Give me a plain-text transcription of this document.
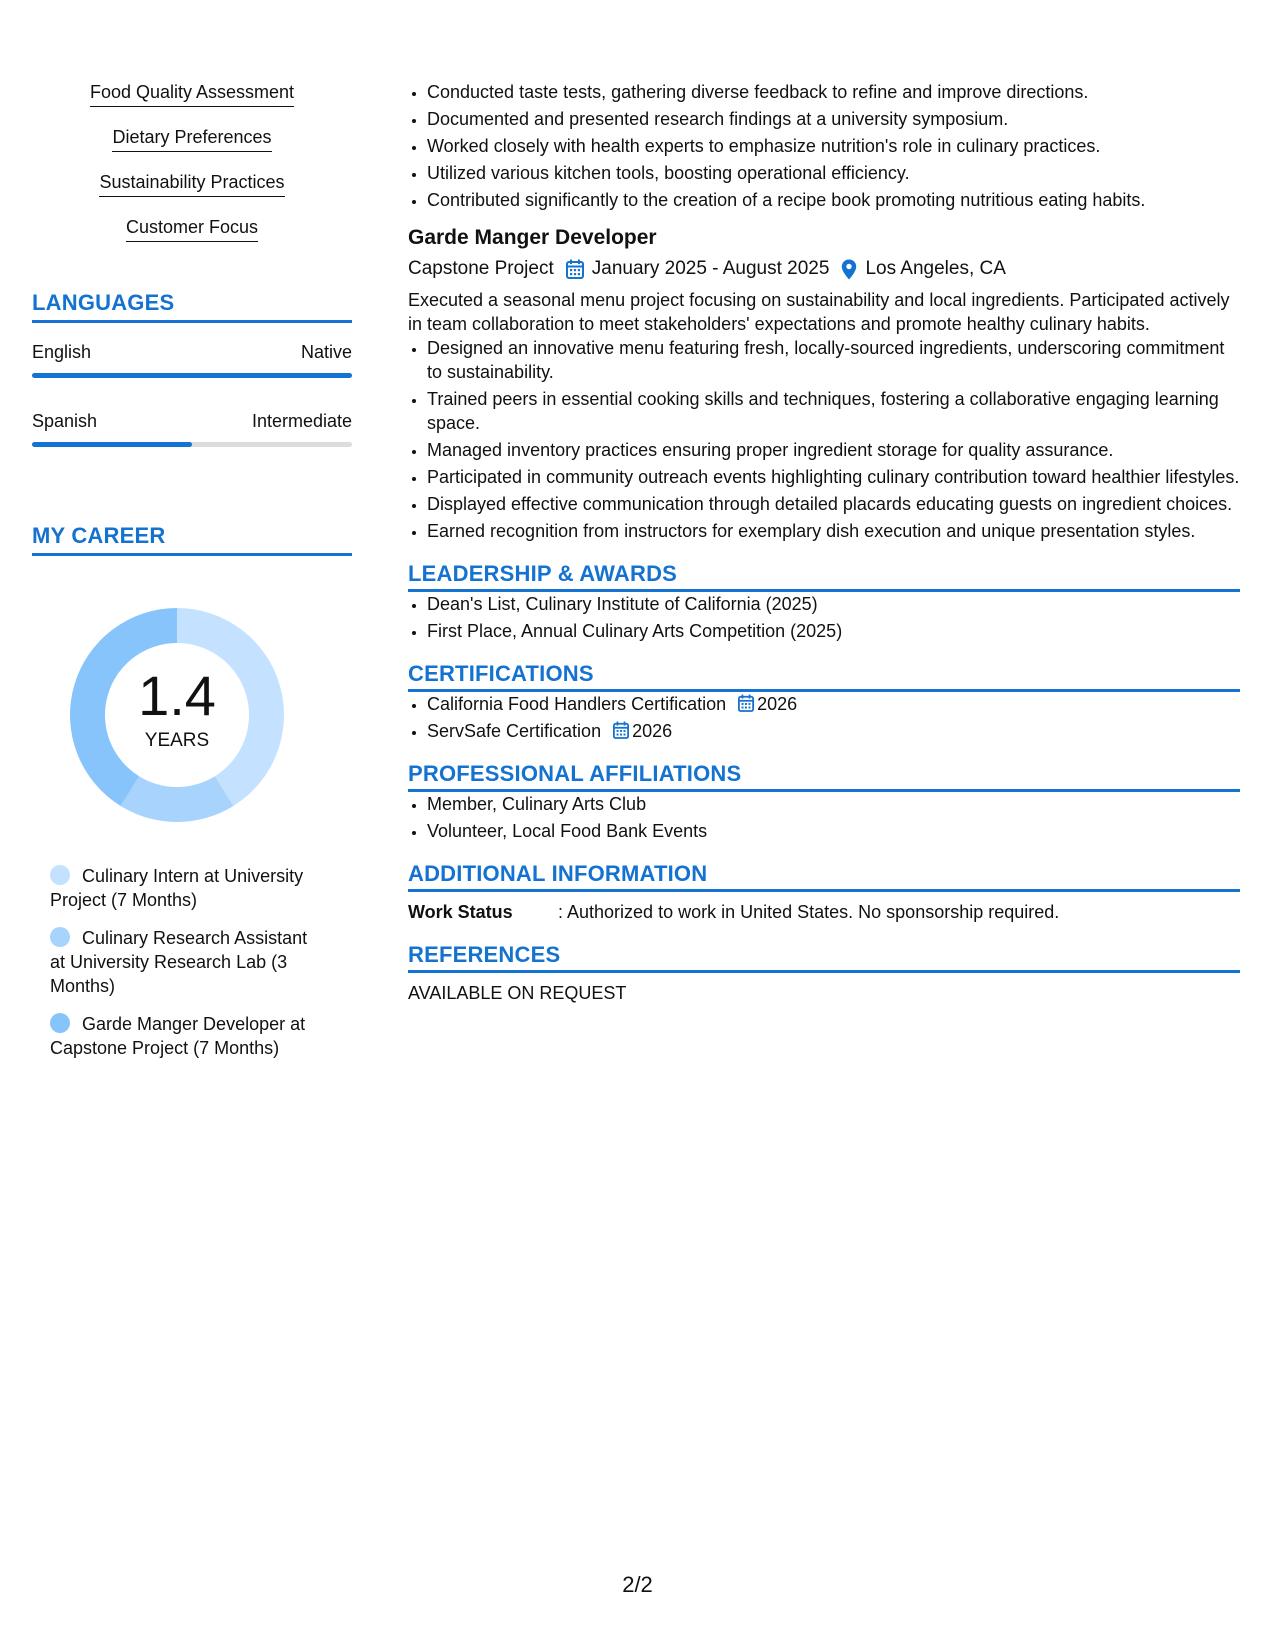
Food Quality Assessment
Dietary Preferences
Sustainability Practices
Customer Focus
LANGUAGES
English	Native
Spanish	Intermediate
MY CAREER
1.4
YEARS
Culinary Intern at University Project (7 Months)
Culinary Research Assistant at University Research Lab (3 Months)
Garde Manger Developer at Capstone Project (7 Months)
• Conducted taste tests, gathering diverse feedback to refine and improve directions.
• Documented and presented research findings at a university symposium.
• Worked closely with health experts to emphasize nutrition's role in culinary practices.
• Utilized various kitchen tools, boosting operational efficiency.
• Contributed significantly to the creation of a recipe book promoting nutritious eating habits.
Garde Manger Developer
Capstone Project January 2025 - August 2025 Los Angeles, CA
Executed a seasonal menu project focusing on sustainability and local ingredients. Participated actively in team collaboration to meet stakeholders' expectations and promote healthy culinary habits.
• Designed an innovative menu featuring fresh, locally-sourced ingredients, underscoring commitment to sustainability.
• Trained peers in essential cooking skills and techniques, fostering a collaborative engaging learning space.
• Managed inventory practices ensuring proper ingredient storage for quality assurance.
• Participated in community outreach events highlighting culinary contribution toward healthier lifestyles.
• Displayed effective communication through detailed placards educating guests on ingredient choices.
• Earned recognition from instructors for exemplary dish execution and unique presentation styles.
LEADERSHIP & AWARDS
• Dean's List, Culinary Institute of California (2025)
• First Place, Annual Culinary Arts Competition (2025)
CERTIFICATIONS
• California Food Handlers Certification 2026
• ServSafe Certification 2026
PROFESSIONAL AFFILIATIONS
• Member, Culinary Arts Club
• Volunteer, Local Food Bank Events
ADDITIONAL INFORMATION
Work Status	: Authorized to work in United States. No sponsorship required.
REFERENCES
AVAILABLE ON REQUEST
2/2
